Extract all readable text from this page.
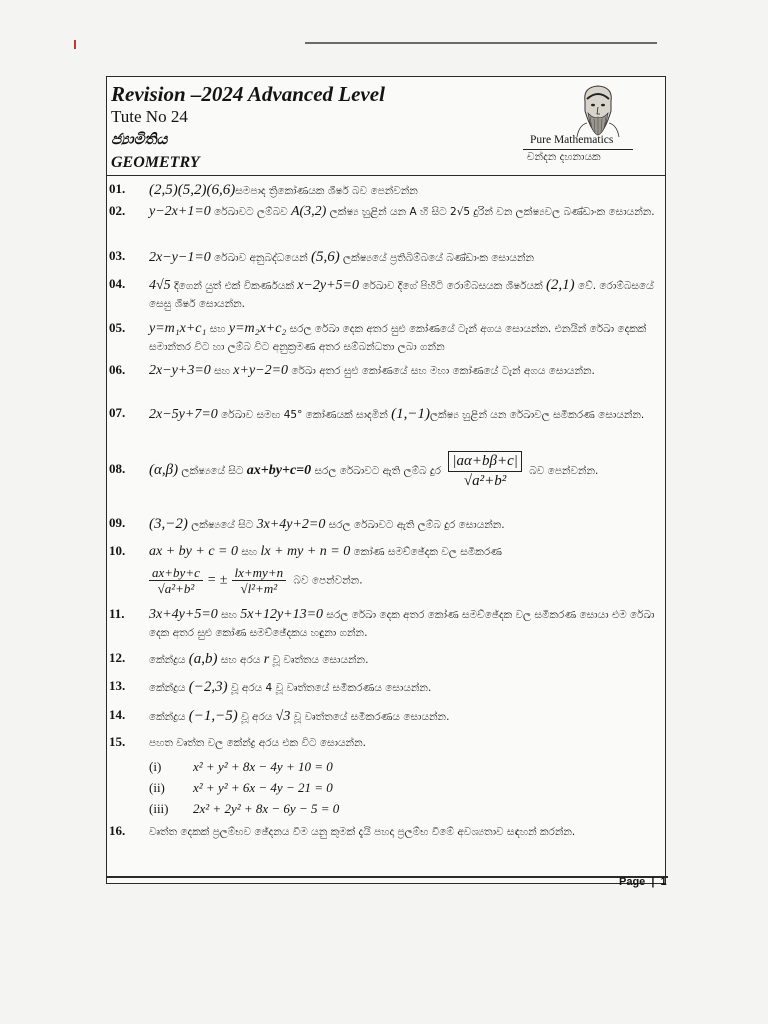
Revision –2024 Advanced Level
Tute No 24
ජ්‍යාමිතිය
GEOMETRY
Pure Mathematics
චන්දන දහනායක
01. (2,5)(5,2)(6,6)සමපාද ත්‍රිකෝණයක ශීර්ෂ බව පෙන්වන්න
02. y−2x+1=0 රේඛාවට ලම්බව A(3,2) ලක්ෂ්‍ය හුළින් යන A හි සිට 2√5 දුරින් වන ලක්ෂ්‍යවල බණ්ඩාංක සොයන්න.
03. 2x−y−1=0 රේඛාව අනුබද්ධයෙන් (5,6) ලක්ෂ්‍යයේ ප්‍රතිබිම්බයේ බණ්ඩාංක සොයන්න
04. 4√5 දිගෙන් යුත් එක් විකර්ණයක් x−2y+5=0 රේඛාව දිගේ පිහිටි රොම්බසයක ශීර්ෂයක් (2,1) වේ. රොම්බසයේ සෙසු ශීර්ෂ සොයන්න.
05. y=m₁x+c₁ සහ y=m₂x+c₂ සරල රේඛා දෙක අතර සුළු කෝණයේ ටැන් අගය සොයන්න. එනයින් රේඛා දෙකක් සමාන්තර විට හා ලම්බ විට අනුක්‍රමණ අතර සම්බන්ධතා ලබා ගන්න
06. 2x−y+3=0 සහ x+y−2=0 රේඛා අතර සුළු කෝණයේ සහ මහා කෝණයේ ටැන් අගය සොයන්න.
07. 2x−5y+7=0 රේඛාව සමඟ 45° කෝණයක් සාදමින් (1,−1)ලක්ෂ්‍ය හුළින් යන රේඛාවල සමීකරණ සොයන්න.
08. (α,β) ලක්ෂ්‍යයේ සිට ax+by+c=0 සරල රේඛාවට ඇති ලම්බ දුර $\frac{|a\alpha+b\beta+c|}{\text{√a²+b²}}$ බව පෙන්වන්න.
09. (3,−2) ලක්ෂ්‍යයේ සිට 3x+4y+2=0 සරල රේඛාවට ඇති ලම්බ දුර සොයන්න.
10. ax + by + c = 0 සහ lx + my + n = 0 කෝණ සමච්ඡේදක වල සමීකරණ

$\frac{ax+by+c}{\text{√a²+b²}}$ = ± $\frac{lx+my+n}{\text{√l²+m²}}$ බව පෙන්වන්න.
11. 3x+4y+5=0 සහ 5x+12y+13=0 සරල රේඛා දෙක අතර කෝණ සමච්ඡේදක වල සමීකරණ සොයා එම රේඛා දෙක අතර සුළු කෝණ සමච්ඡේදකය හඳුනා ගන්න.
12. කේන්ද්‍රය (a,b) සහ අරය r වූ වෘත්තය සොයන්න.
13. කේන්ද්‍රය (−2,3) වූ අරය 4 වූ වෘත්තයේ සමීකරණය සොයන්න.
14. කේන්ද්‍රය (−1,−5) වූ අරය √3 වූ වෘත්තයේ සමීකරණය සොයන්න.
15. පහත වෘත්ත වල කේන්ද්‍ර අරය එක විට සොයන්න.
(i) x² + y² + 8x − 4y + 10 = 0
(ii) x² + y² + 6x − 4y − 21 = 0
(iii) 2x² + 2y² + 8x − 6y − 5 = 0
16. වෘත්ත දෙකක් ප්‍රලම්භව ඡේදනය වීම යනු කුමක් දැයි පහදා ප්‍රලම්භ වීමේ අවශ්‍යතාව සඳහන් කරන්න.
Page | 1
